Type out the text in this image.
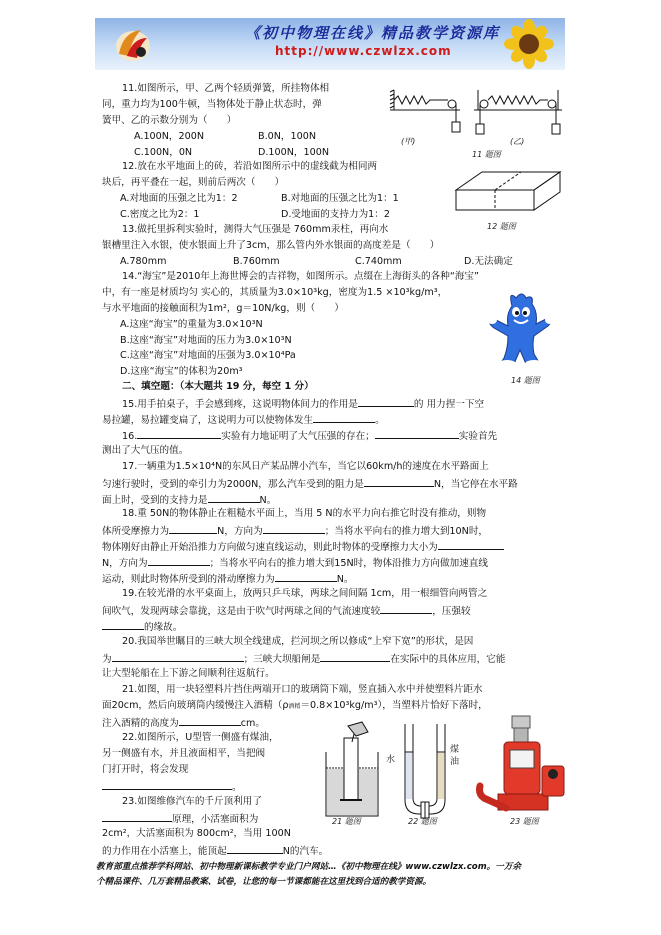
《初中物理在线》精品教学资源库
http://www.czwlzx.com
11.如图所示，甲、乙两个轻质弹簧，所挂物体相
同，重力均为100牛顿，当物体处于静止状态时，弹
簧甲、乙的示数分别为（　　）
A.100N，200N	B.0N，100N
C.100N，0N	D.100N，100N
(甲)	(乙)
11 题图
12.放在水平地面上的砖，若沿如图所示中的虚线截为相同两
块后，再平叠在一起，则前后两次（　　）
A.对地面的压强之比为1：2	B.对地面的压强之比为1：1
C.密度之比为2：1	D.受地面的支持力为1：2
12 题图
13.做托里拆利实验时，测得大气压强是 760mm汞柱，再向水
银槽里注入水银，使水银面上升了3cm，那么管内外水银面的高度差是（　　）
A.780mm	B.760mm	C.740mm	D.无法确定
14.“海宝”是2010年上海世博会的吉祥物，如图所示。点缀在上海街头的各种“海宝”
中，有一座是材质均匀 实心的，其质量为3.0×10³kg，密度为1.5 ×10³kg/m³，
与水平地面的接触面积为1m²，g＝10N/kg，则（　　）
A.这座“海宝”的重量为3.0×10³N
B.这座“海宝”对地面的压力为3.0×10³N
C.这座“海宝”对地面的压强为3.0×10⁴Pa
D.这座“海宝”的体积为20m³
14 题图
二、填空题：（本大题共 19 分，每空 1 分）
15.用手拍桌子，手会感到疼，这说明物体间力的作用是	的 用力捏一下空
易拉罐，易拉罐变扁了，这说明力可以使物体发生	。
16.	实验有力地证明了大气压强的存在；	实验首先
测出了大气压的值。
17.一辆重为1.5×10⁴N的东风日产某品牌小汽车，当它以60km/h的速度在水平路面上
匀速行驶时，受到的牵引力为2000N，那么汽车受到的阻力是	N，当它停在水平路
面上时，受到的支持力是	N。
18.重 50N的物体静止在粗糙水平面上，当用 5 N的水平力向右推它时没有推动，则物
体所受摩擦力为	N，方向为	；当将水平向右的推力增大到10N时，
物体刚好由静止开始沿推力方向做匀速直线运动，则此时物体的受摩擦力大小为
N，方向为	；当将水平向右的推力增大到15N时，物体沿推力方向做加速直线
运动，则此时物体所受到的滑动摩擦力为	N。
19.在较光滑的水平桌面上，放两只乒乓球，两球之间间隔 1cm，用一根细管向两管之
间吹气，发现两球会靠拢，这是由于吹气时两球之间的气流速度较	，压强较
的缘故。
20.我国举世瞩目的三峡大坝全线建成，拦河坝之所以修成“上窄下宽”的形状，是因
为	；三峡大坝船闸是	在实际中的具体应用，它能
让大型轮船在上下游之间顺利往返航行。
21.如图，用一块轻塑料片挡住两端开口的玻璃筒下端，竖直插入水中并使塑料片距水
面20cm，然后向玻璃筒内缓慢注入酒精（ρ酒精＝0.8×10³kg/m³），当塑料片恰好下落时，
注入酒精的高度为	cm。
22.如图所示，U型管一侧盛有煤油，
另一侧盛有水，并且液面相平，当把阀
门打开时，将会发现
。
23.如图维修汽车的千斤顶利用了
原理，小活塞面积为
2cm²，大活塞面积为 800cm²，当用 100N
的力作用在小活塞上，能顶起	N的汽车。
21 题图
水
煤油
22 题图	23 题图
教育部重点推荐学科网站、初中物理新课标教学专业门户网站…《初中物理在线》www.czwlzx.com。一万余
个精品课件、几万套精品教案、试卷，让您的每一节课都能在这里找到合适的教学资源。
